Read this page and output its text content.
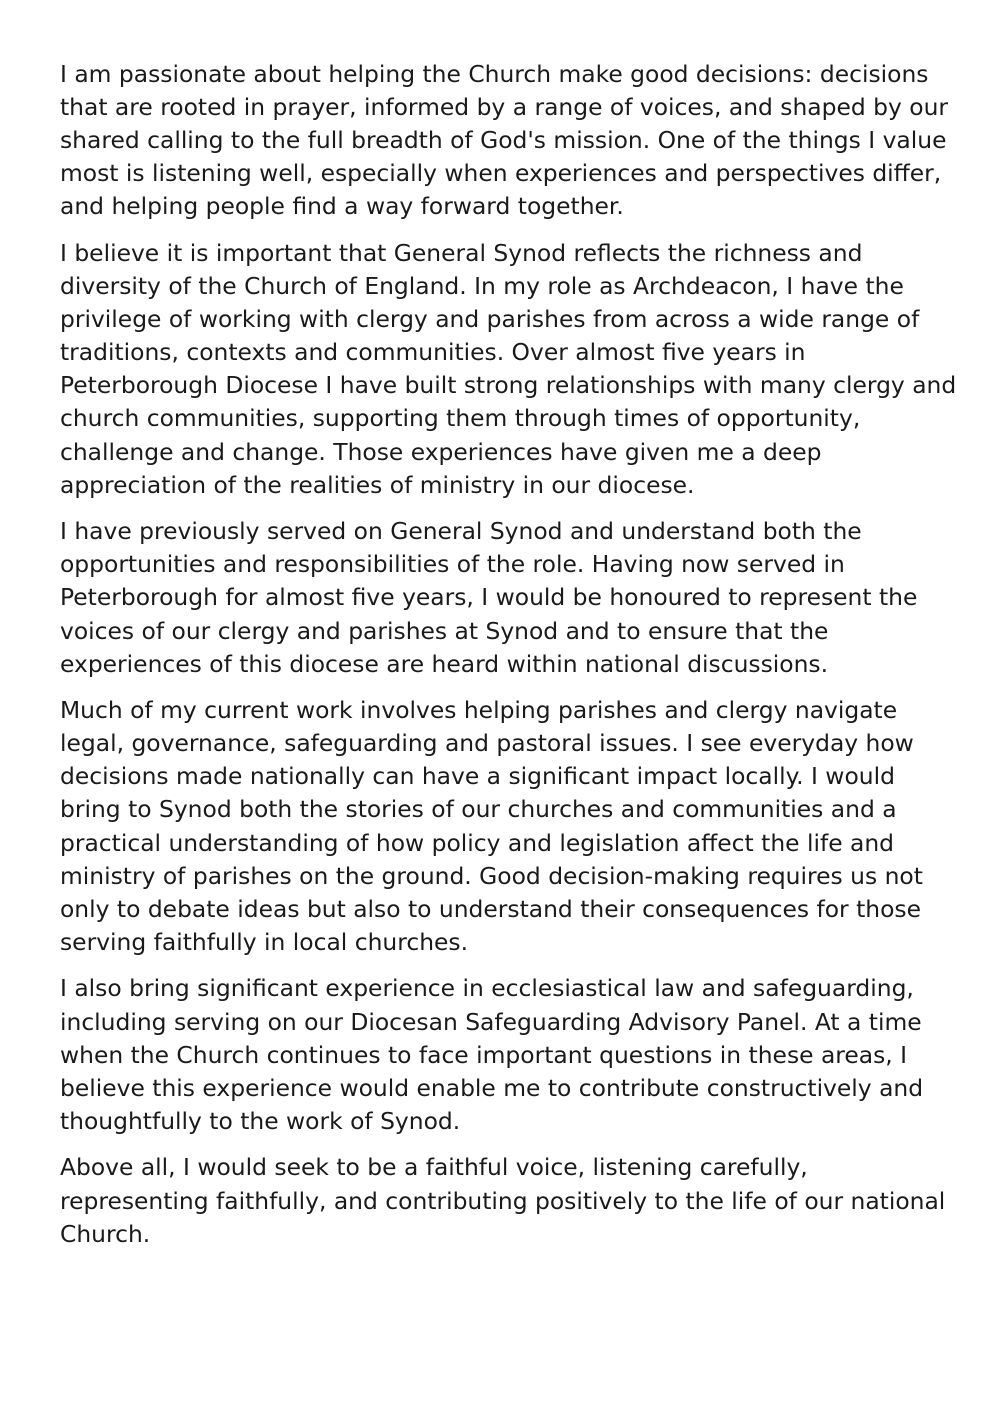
I am passionate about helping the Church make good decisions: decisions that are rooted in prayer, informed by a range of voices, and shaped by our shared calling to the full breadth of God's mission. One of the things I value most is listening well, especially when experiences and perspectives differ, and helping people find a way forward together.

I believe it is important that General Synod reflects the richness and diversity of the Church of England. In my role as Archdeacon, I have the privilege of working with clergy and parishes from across a wide range of traditions, contexts and communities. Over almost five years in Peterborough Diocese I have built strong relationships with many clergy and church communities, supporting them through times of opportunity, challenge and change. Those experiences have given me a deep appreciation of the realities of ministry in our diocese.

I have previously served on General Synod and understand both the opportunities and responsibilities of the role. Having now served in Peterborough for almost five years, I would be honoured to represent the voices of our clergy and parishes at Synod and to ensure that the experiences of this diocese are heard within national discussions.

Much of my current work involves helping parishes and clergy navigate legal, governance, safeguarding and pastoral issues. I see everyday how decisions made nationally can have a significant impact locally. I would bring to Synod both the stories of our churches and communities and a practical understanding of how policy and legislation affect the life and ministry of parishes on the ground. Good decision-making requires us not only to debate ideas but also to understand their consequences for those serving faithfully in local churches.

I also bring significant experience in ecclesiastical law and safeguarding, including serving on our Diocesan Safeguarding Advisory Panel. At a time when the Church continues to face important questions in these areas, I believe this experience would enable me to contribute constructively and thoughtfully to the work of Synod.

Above all, I would seek to be a faithful voice, listening carefully, representing faithfully, and contributing positively to the life of our national Church.
